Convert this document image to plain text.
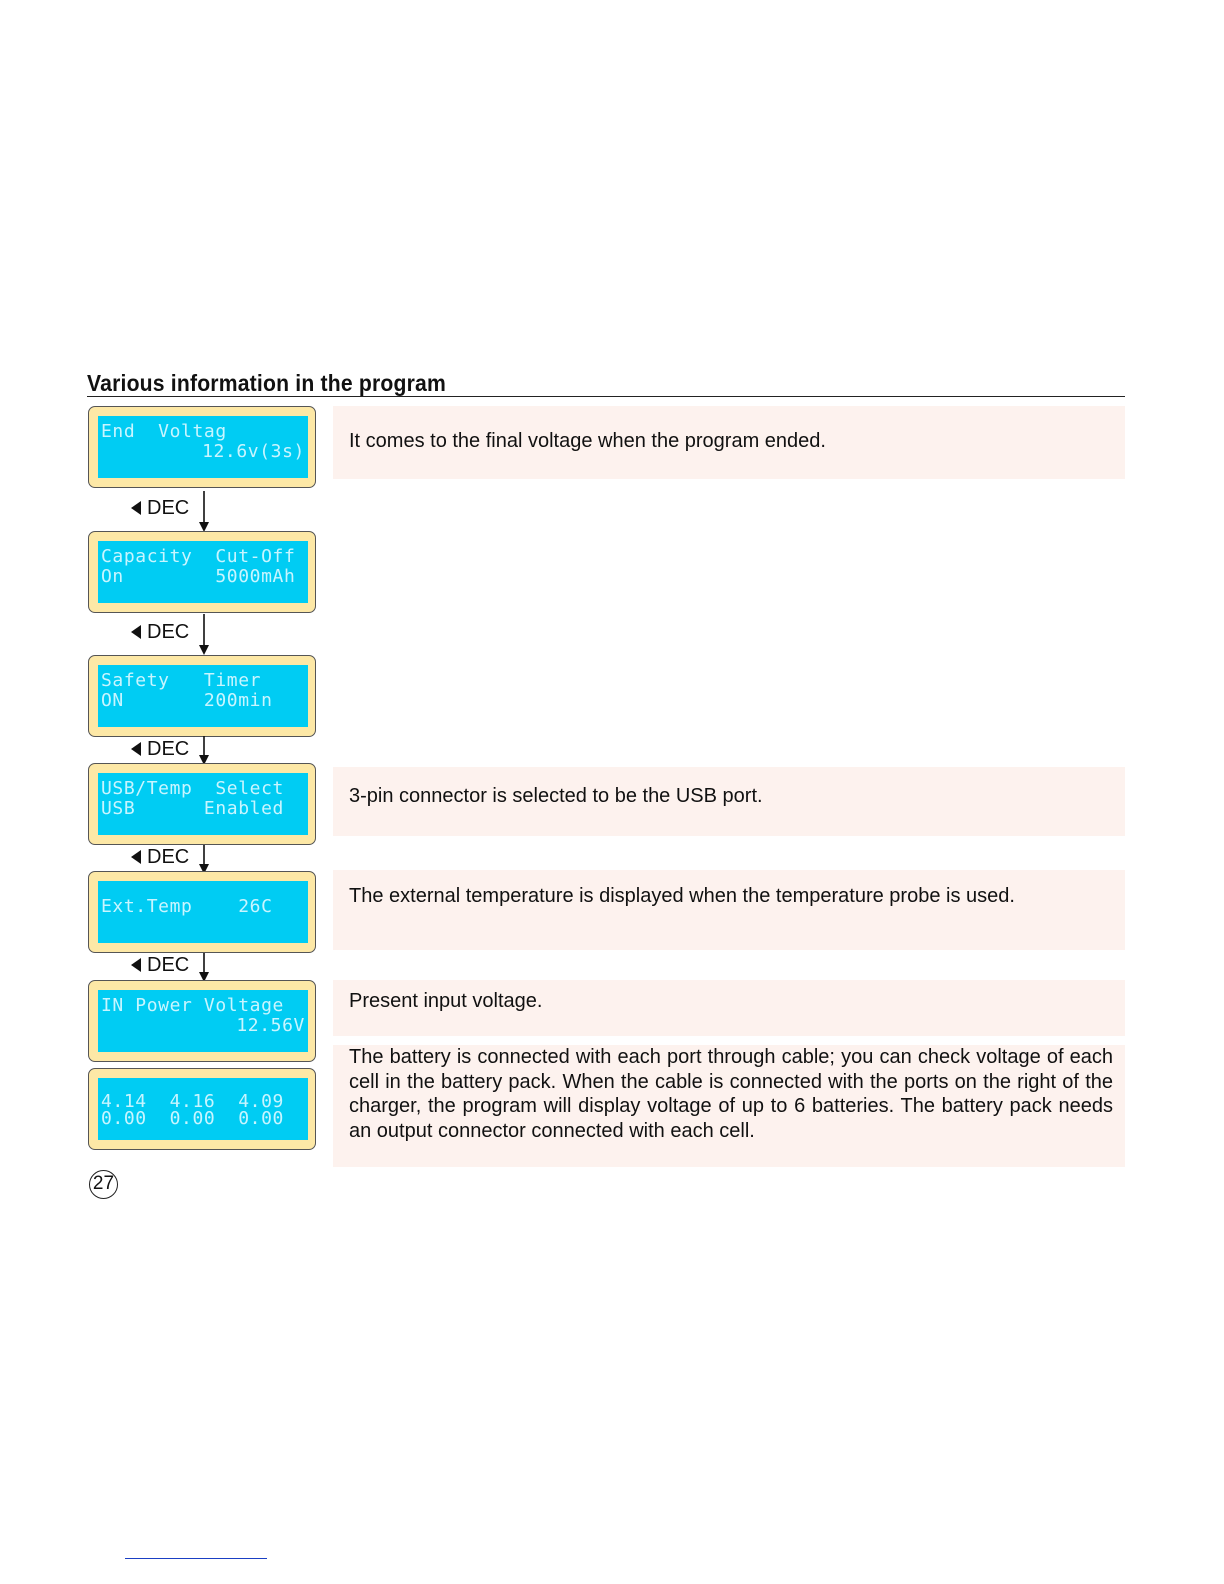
Various information in the program
End  Voltag
12.6v(3s)	It comes to the final voltage when the program ended.
DEC
Capacity  Cut-Off
On        5000mAh
DEC
Safety   Timer
ON       200min
DEC
USB/Temp  Select
USB      Enabled
3-pin connector is selected to be the USB port.
DEC
Ext.Temp    26C	The external temperature is displayed when the temperature probe is used.
DEC
IN Power Voltage
12.56V
Present input voltage.
4.14  4.16  4.09
0.00  0.00  0.00
The battery is connected with each port through cable; you can check voltage of each cell in the battery pack. When the cable is connected with the ports on the right of the charger, the program will display voltage of up to 6 batteries. The battery pack needs an output connector connected with each cell.
27
